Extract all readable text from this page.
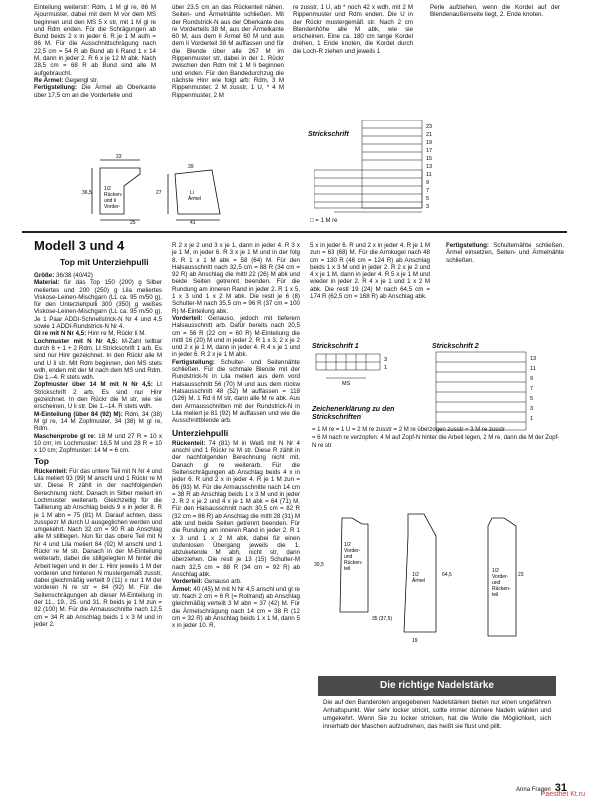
Einteilung weiterstr: Rdm, 1 M gl re, 86 M Ajourmuster, dabei mit dem M vor dem MS beginnen und den MS 5 x str, mit 1 M gl re und Rdm enden. Für die Schrägungen ab Bund beids 2 x in jeder 6. R je 1 M aufn = 86 M. Für die Ausschnittschrägung nach 22,5 cm = 54 R ab Bund ab li Rand 1 x 14 M, dann in jeder 2. R 6 x je 12 M abk. Nach 28,5 cm = 68 R ab Bund sind alle M aufgebraucht.

Re Ärmel: Gegengl str.

Fertigstellung: Die Ärmel ab Oberkante über 17,5 cm an die Vorderteile und

über 23,5 cm an das Rückenteil nähen. Seiten- und Ärmelnähte schließen. Mit der Rundstrick-N aus der Oberkante des re Vorderteils 38 M, aus der Ärmelkante 60 M, aus dem li Ärmel 60 M und aus dem li Vorderteil 38 M auffassen und für die Blende über alle 267 M im Rippenmuster str, dabei in der 1. Rückr zwischen den Rdm mit 1 M li beginnen und enden. Für den Bandedurchzug die nächste Hinr wie folgt arb: Rdm, 3 M Rippenmuster, 2 M zusstr, 1 U, * 4 M Rippenmuster, 2 M

re zusstr, 1 U, ab * noch 42 x wdh, mit 2 M Rippenmuster und Rdm enden. Die U in der Rückr mustergemäß str. Nach 2 cm Blendenhöhe alle M abk, wie sie erscheinen. Eine ca. 180 cm lange Kordel drehen, 1 Ende knoten, die Kordel durch die Loch-R ziehen und jeweils 1

Perle aufziehen, wenn die Kordel auf der Blendenaußenseite liegt, 2. Ende knoten.

1/2
Rücken-
und li
Vorder-
Li
Ärmel
23
36,5
25	41
27
39
Strickschrift
23
21
19
17
15
13
11
9
7
5
3
□ = 1 M re
Modell 3 und 4
Top mit Unterziehpulli

Größe: 36/38 (40/42)

Material: für das Top 150 (200) g Silber meliertes und 200 (250) g Lila meliertes Viskose-Leinen-Mischgarn (LL ca. 95 m/50 g), für den Unterziehpulli 300 (350) g weißes Viskose-Leinen-Mischgarn (LL ca. 95 m/50 g). Je 1 Paar ADDI-Schnellstrick-N Nr 4 und 4,5 sowie 1 ADDI-Rundstrick-N Nr 4.

Gl re mit N Nr 4,5: Hinr re M, Rückr li M.

Lochmuster mit N Nr 4,5: M-Zahl teilbar durch 6 + 1 + 2 Rdm. Lt Strickschrift 1 arb. Es sind nur Hinr gezeichnet. In den Rückr alle M und U li str. Mit Rdm beginnen, den MS stets wdh, enden mit der M nach dem MS und Rdm. Die 1.–4. R stets wdh.

Zopfmuster über 14 M mit N Nr 4,5: Lt Strickschrift 2 arb. Es sind nur Hinr gezeichnet. In den Rückr die M str, wie sie erscheinen, U li str. Die 1.–14. R stets wdh.

M-Einteilung (über 84 (92) M): Rdm, 34 (38) M gl re, 14 M Zopfmuster, 34 (38) M gl re, Rdm.

Maschenprobe gl re: 18 M und 27 R = 10 x 10 cm; im Lochmuster: 18,5 M und 28 R = 10 x 10 cm; Zopfmuster: 14 M = 6 cm.

Top

Rückenteil: Für das untere Teil mit N Nr 4 und Lila meliert 93 (99) M anschl und 1 Rückr re M str. Diese R zählt in der nachfolgenden Berechnung nicht. Danach in Silber meliert im Lochmuster weiterarb. Gleichzeitig für die Taillierung ab Anschlag beids 9 x in jeder 8. R je 1 M abn = 75 (81) M. Darauf achten, dass zusspezr M durch U ausgeglichen werden und umgekehrt. Nach 32 cm = 90 R ab Anschlag alle M stilllegen. Nun für das obere Teil mit N Nr 4 und Lila meliert 84 (92) M anschl und 1 Rückr re M str. Danach in der M-Einteilung weiterarb, dabei die stillgelegten M hinter die Arbeit legen und in der 1. Hinr jeweils 1 M der vorderen und hinteren N mustergemäß zusstr, dabei gleichmäßig verteilt 9 (11) x nur 1 M der vorderen N re str = 84 (92) M. Für die Seitenschrägungen ab dieser M-Einteilung in der 11., 19., 25. und 31. R beids je 1 M zun = 92 (100) M. Für die Armausschnitte nach 12,5 cm = 34 R ab Anschlag beids 1 x 3 M und in jeder 2.

R 2 x je 2 und 3 x je 1, dann in jeder 4. R 3 x je 1 M, in jeder 6. R 3 x je 1 M und in der folg 8. R 1 x 1 M abk = 58 (64) M. Für den Halsausschnitt nach 32,5 cm = 88 R (34 cm = 92 R) ab Anschlag die mittl 22 (26) M abk und beide Seiten getrennt beenden. Für die Rundung am inneren Rand in jeder 2. R 1 x 5, 1 x 3 und 1 x 2 M abk. Die restl je 6 (8) Schulter-M nach 35,5 cm = 96 R (37 cm = 100 R) M-Einteilung abk.

Vorderteil: Genauso, jedoch mit tieferem Halsausschnitt arb. Dafür bereits nach 20,5 cm = 56 R (22 cm = 60 R) M-Einteilung die mittl 16 (20) M und in jeder 2. R 1 x 3, 2 x je 2 und 2 x je 1 M, dann in jeder 4. R 4 x je 1 und in jeder 6. R 2 x je 1 M abk.

Fertigstellung: Schulter- und Seitennähte schließen. Für die schmale Blende mit der Rundstrick-N in Lila meliert aus dem vord Halsausschnitt 56 (70) M und aus dem rückw Halsausschnitt 48 (52) M auffassen = 118 (126) M. 1 Rd li M str, dann alle M re abk. Aus den Armausschnitten mit der Rundstrick-N in Lila meliert je 81 (92) M auffassen und wie die Ausschnittblende arb.

Unterziehpulli

Rückenteil: 74 (81) M in Weiß mit N Nr 4 anschl und 1 Rückr re M str. Diese R zählt in der nachfolgenden Berechnung nicht mit. Danach gl re weiterarb. Für die Seitenschrägungen ab Anschlag beids 4 x in jeder 6. R und 2 x in jeder 4. R je 1 M zun = 86 (93) M. Für die Armausschnitte nach 14 cm = 38 R ab Anschlag beids 1 x 3 M und in jeder 2. R 2 x je 2 und 4 x je 1 M abk = 64 (71) M. Für den Halsausschnitt nach 30,5 cm = 82 R (32 cm = 86 R) ab Anschlag die mittl 28 (31) M abk und beide Seiten getrennt beenden. Für die Rundung am inneren Rand in jeder 2. R 1 x 3 und 1 x 2 M abk, dabei für einen stufenlosen Übergang jeweils die 1. abzuketende M abh, nicht str, dann überziehen. Die restl je 13 (15) Schulter-M nach 32,5 cm = 88 R (34 cm = 92 R) ab Anschlag abk.

Vorderteil: Genauso arb.

Ärmel: 40 (45) M mit N Nr 4,5 anschl und gl re str. Nach 2 cm = 6 R (= Rollrand) ab Anschlag gleichmäßig verteilt 3 M abn = 37 (42) M. Für die Ärmelschrägung nach 14 cm = 38 R (12 cm = 32 R) ab Anschlag beids 1 x 1 M, dann 5 x in jeder 10. R,

5 x in jeder 6. R und 2 x in jeder 4. R je 1 M zun = 63 (68) M. Für die Armkugel nach 48 cm = 130 R (46 cm = 124 R) ab Anschlag beids 1 x 3 M und in jeder 2. R 2 x je 2 und 4 x je 1 M, dann in jeder 4. R 5 x je 1 M und wieder in jeder 2. R 4 x je 1 und 1 x 2 M abk. Die restl 19 (24) M nach 64,5 cm = 174 R (62,5 cm = 168 R) ab Anschlag abk.

Fertigstellung: Schulternähte schließen. Ärmel einsetzen, Seiten- und Ärmelnähte schließen.

Strickschrift 1
3
1
MS
Strickschrift 2
13
11
9
7
5
3
1
Zeichenerklärung zu den Strickschriften
= 1 M re = 1 U = 2 M re zusstr = 2 M re überzogen zusstr = 3 M re zusstr
= 6 M nach re verzopfen: 4 M auf Zopf-N hinter die Arbeit legen, 2 M re, dann die M der Zopf-N re str
1/2
Vorder-
und
Rücken-
teil
1/2
Ärmel
1/2
Vorder-
und
Rücken-
teil
30,5
35 (37,5)
64,5	23
19
Die richtige Nadelstärke
Die auf den Banderolen angegebenen Nadelstärken bieten nur einen ungefähren Anhaltspunkt. Wer sehr locker strickt, sollte immer dünnere Nadeln wählen und umgekehrt. Wenn Sie zu locker stricken, hat die Wolle die Möglichkeit, sich innerhalb der Maschen aufzudrehen, das heißt sie flust und pillt.
Anna Fragen 31
Paesthet Kt.ru
